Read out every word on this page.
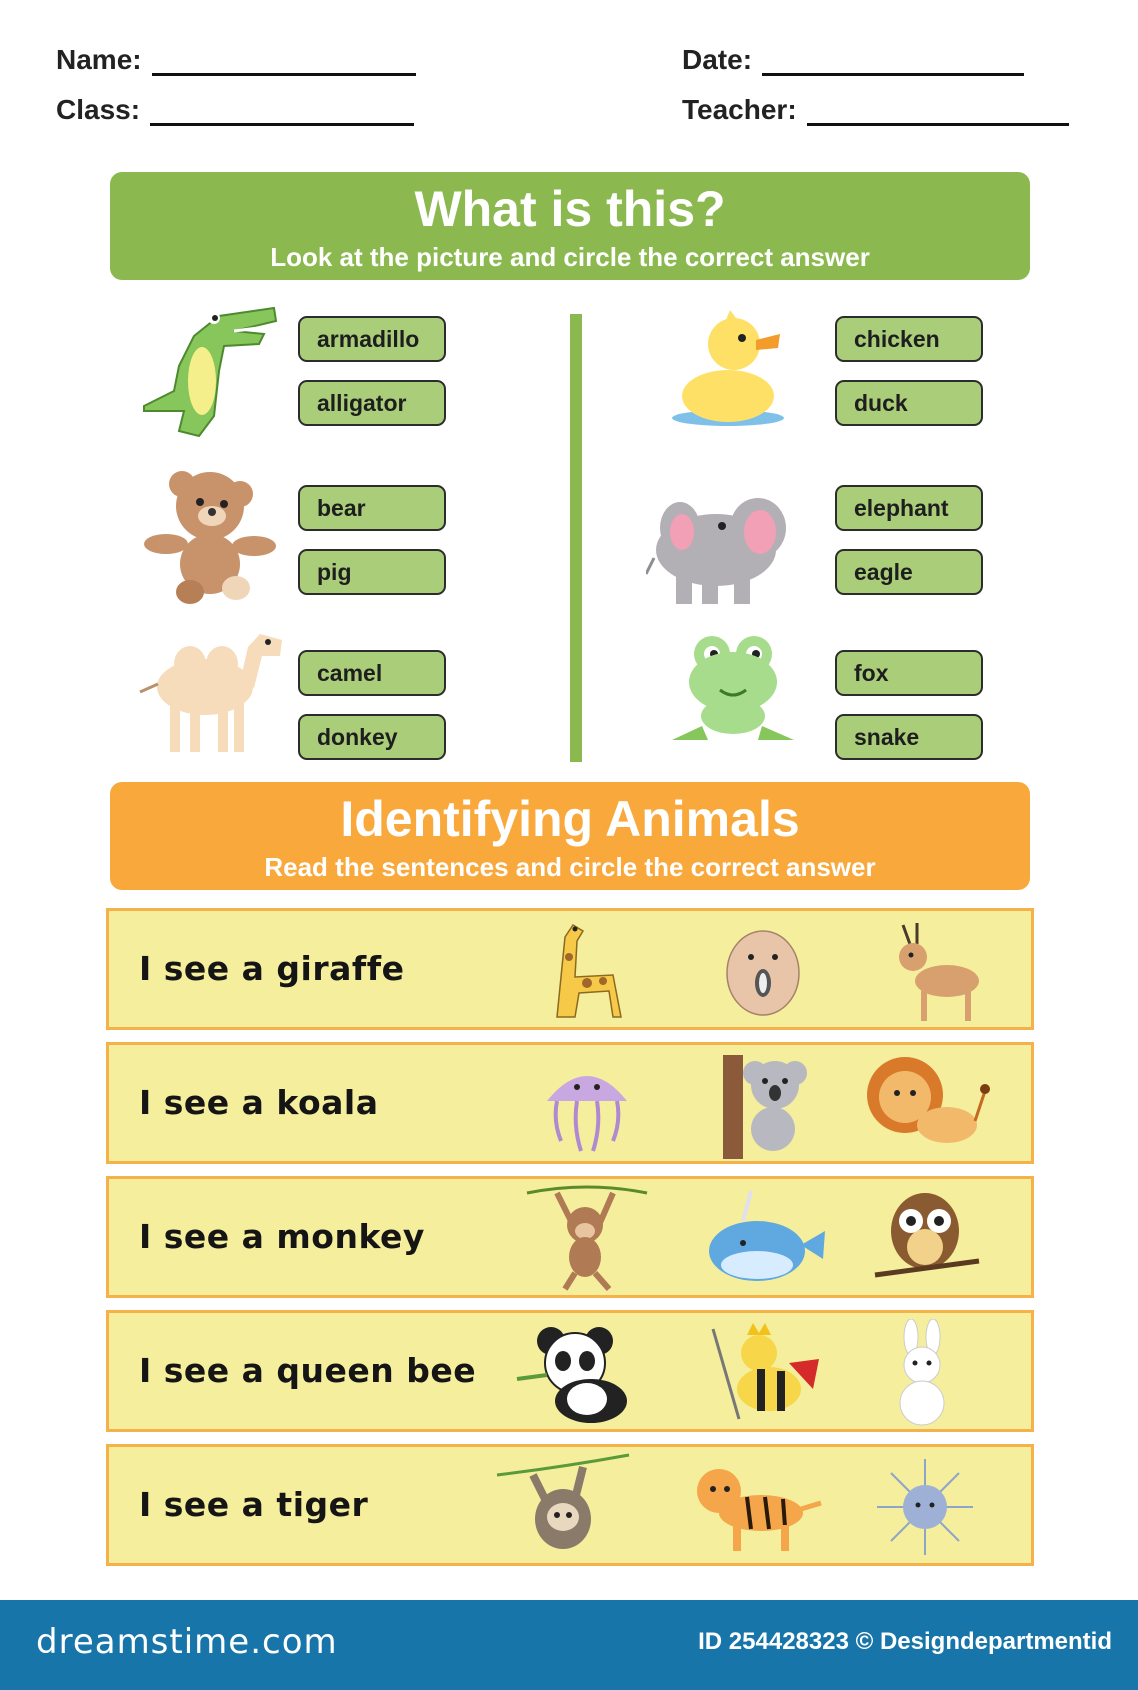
Name:	Date:
Class:	Teacher:
What is this?
Look at the picture and circle the correct answer
armadillo
alligator
bear
pig
camel
donkey
chicken
duck
elephant
eagle
fox
snake
Identifying Animals
Read the sentences and circle the correct answer
I see a giraffe
I see a koala
I see a monkey
I see a queen bee
I see a tiger
dreamstime.com	ID 254428323 © Designdepartmentid
